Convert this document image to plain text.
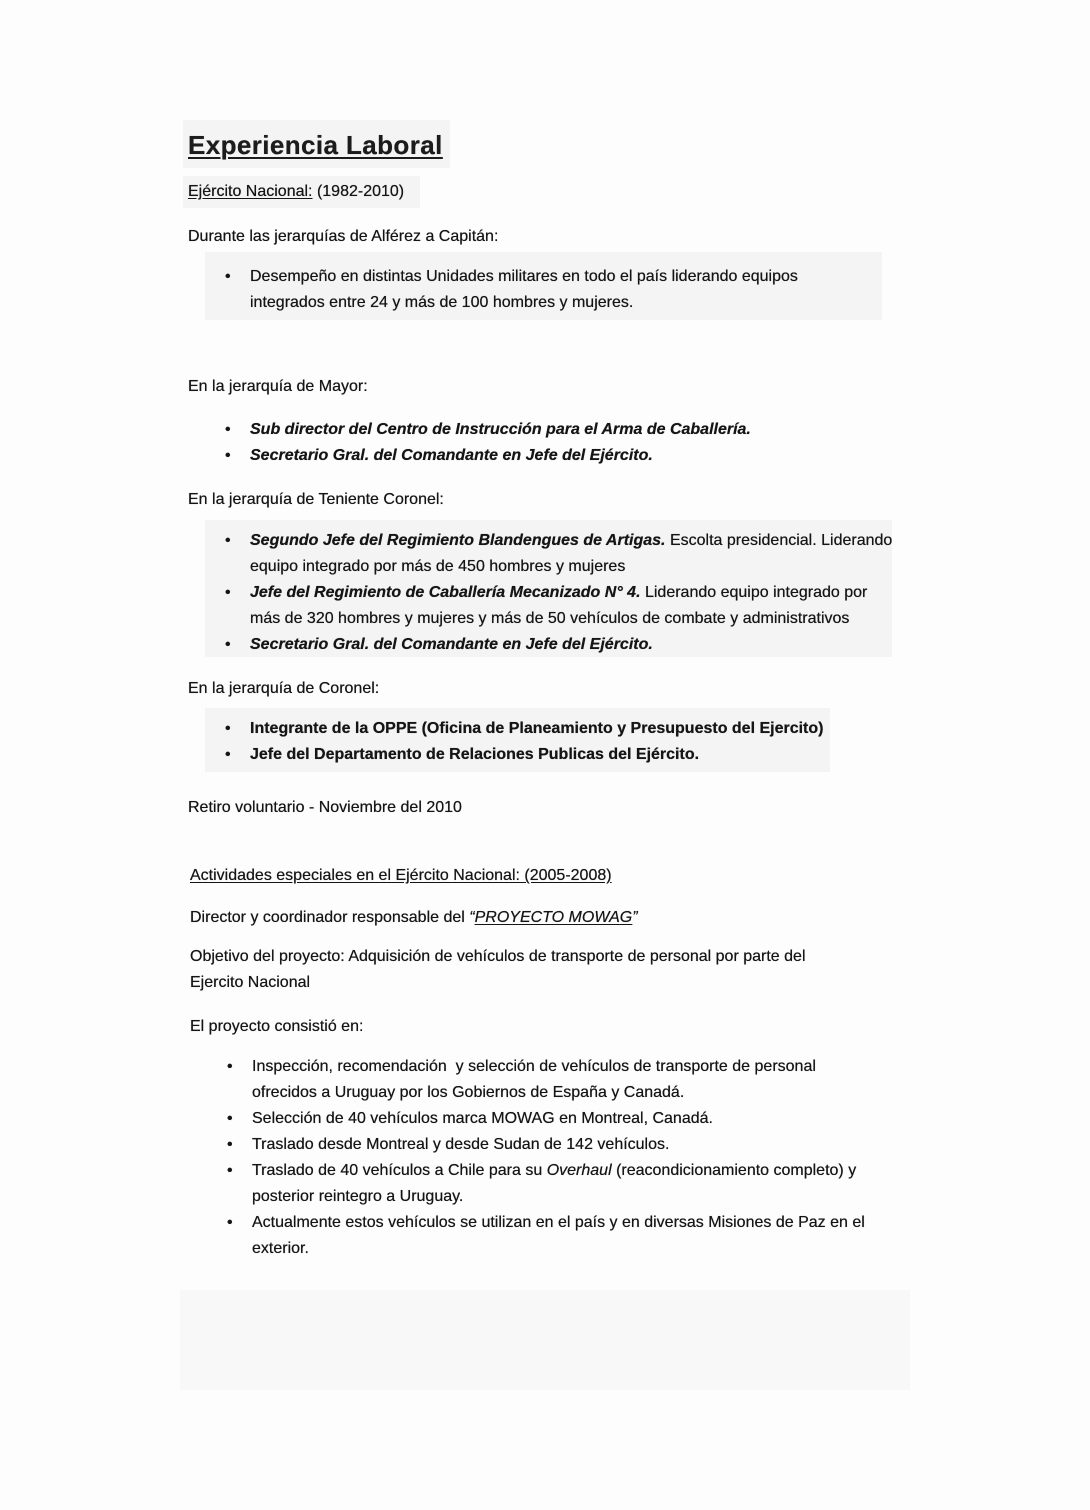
Experiencia Laboral
Ejército Nacional: (1982-2010)
Durante las jerarquías de Alférez a Capitán:
• Desempeño en distintas Unidades militares en todo el país liderando equipos
integrados entre 24 y más de 100 hombres y mujeres.
En la jerarquía de Mayor:
• Sub director del Centro de Instrucción para el Arma de Caballería.
• Secretario Gral. del Comandante en Jefe del Ejército.
En la jerarquía de Teniente Coronel:
• Segundo Jefe del Regimiento Blandengues de Artigas. Escolta presidencial. Liderando
equipo integrado por más de 450 hombres y mujeres
• Jefe del Regimiento de Caballería Mecanizado N° 4. Liderando equipo integrado por
más de 320 hombres y mujeres y más de 50 vehículos de combate y administrativos
• Secretario Gral. del Comandante en Jefe del Ejército.
En la jerarquía de Coronel:
• Integrante de la OPPE (Oficina de Planeamiento y Presupuesto del Ejercito)
• Jefe del Departamento de Relaciones Publicas del Ejército.
Retiro voluntario - Noviembre del 2010
Actividades especiales en el Ejército Nacional: (2005-2008)
Director y coordinador responsable del “PROYECTO MOWAG”
Objetivo del proyecto: Adquisición de vehículos de transporte de personal por parte del
Ejercito Nacional
El proyecto consistió en:
• Inspección, recomendación  y selección de vehículos de transporte de personal
ofrecidos a Uruguay por los Gobiernos de España y Canadá.
• Selección de 40 vehículos marca MOWAG en Montreal, Canadá.
• Traslado desde Montreal y desde Sudan de 142 vehículos.
• Traslado de 40 vehículos a Chile para su Overhaul (reacondicionamiento completo) y
posterior reintegro a Uruguay.
• Actualmente estos vehículos se utilizan en el país y en diversas Misiones de Paz en el
exterior.
